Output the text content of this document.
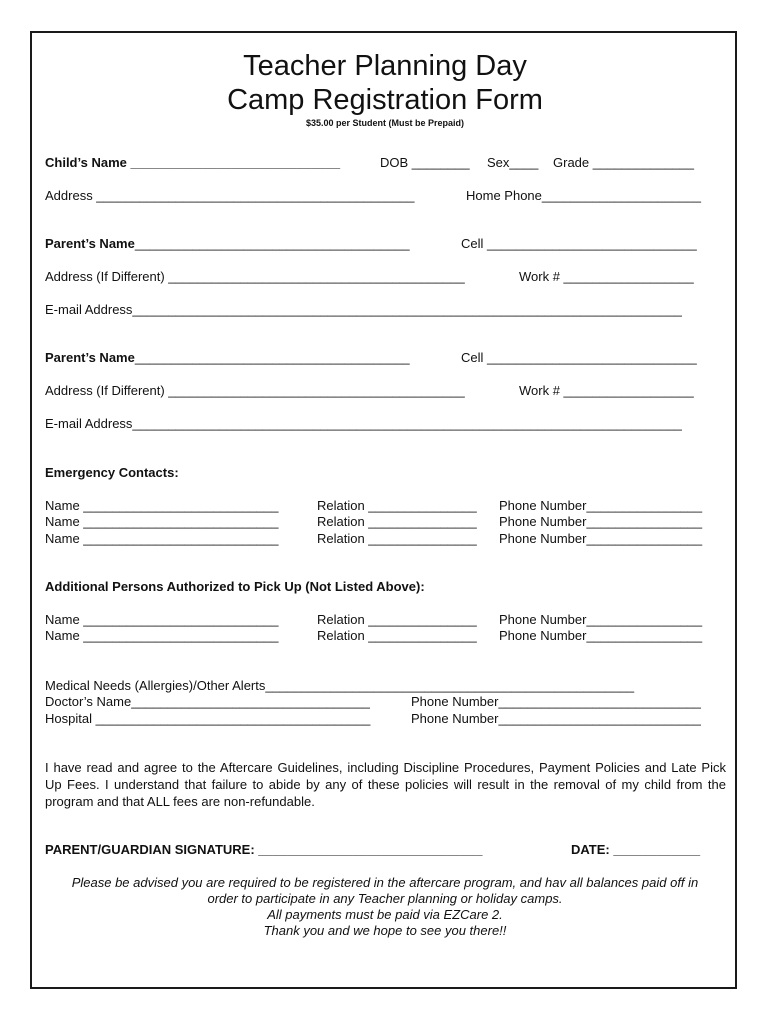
Teacher Planning Day
Camp Registration Form
$35.00 per Student (Must be Prepaid)
Child’s Name _____________________________	DOB ________ Sex____ Grade ______________
Address ____________________________________________	Home Phone______________________
Parent’s Name______________________________________	Cell _____________________________
Address (If Different) _________________________________________	Work # __________________
E-mail Address____________________________________________________________________________
Parent’s Name______________________________________	Cell _____________________________
Address (If Different) _________________________________________	Work # __________________
E-mail Address____________________________________________________________________________
Emergency Contacts:
Name ___________________________	Relation _______________ Phone Number________________
Name ___________________________	Relation _______________ Phone Number________________
Name ___________________________	Relation _______________ Phone Number________________
Additional Persons Authorized to Pick Up (Not Listed Above):
Name ___________________________	Relation _______________ Phone Number________________
Name ___________________________	Relation _______________ Phone Number________________
Medical Needs (Allergies)/Other Alerts___________________________________________________
Doctor’s Name_________________________________	Phone Number____________________________
Hospital ______________________________________	Phone Number____________________________
I have read and agree to the Aftercare Guidelines, including Discipline Procedures, Payment Policies and Late Pick Up Fees. I understand that failure to abide by any of these policies will result in the removal of my child from the program and that ALL fees are non-refundable.
PARENT/GUARDIAN SIGNATURE: _______________________________	DATE: ____________
Please be advised you are required to be registered in the aftercare program, and hav all balances paid off in
order to participate in any Teacher planning or holiday camps.
All payments must be paid via EZCare 2.
Thank you and we hope to see you there!!
